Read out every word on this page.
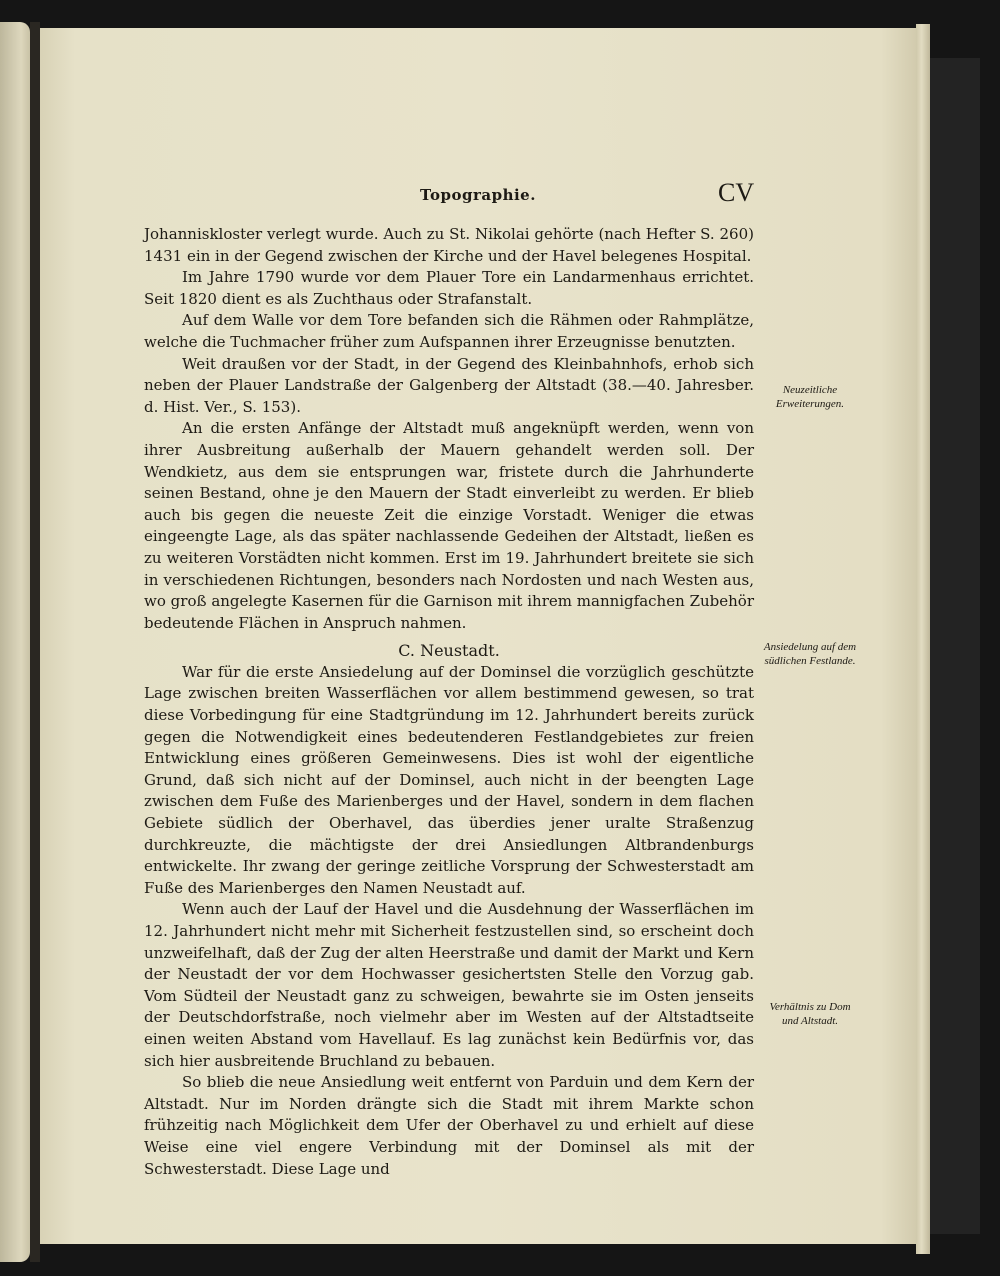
Topographie.	CV

Johanniskloster verlegt wurde. Auch zu St. Nikolai gehörte (nach Hefter S. 260) 1431 ein in der Gegend zwischen der Kirche und der Havel belegenes Hospital.

Im Jahre 1790 wurde vor dem Plauer Tore ein Landarmenhaus errichtet. Seit 1820 dient es als Zuchthaus oder Strafanstalt.

Auf dem Walle vor dem Tore befanden sich die Rähmen oder Rahmplätze, welche die Tuchmacher früher zum Aufspannen ihrer Erzeugnisse benutzten.

Weit draußen vor der Stadt, in der Gegend des Kleinbahnhofs, erhob sich neben der Plauer Landstraße der Galgenberg der Altstadt (38.—40. Jahresber. d. Hist. Ver., S. 153).

An die ersten Anfänge der Altstadt muß angeknüpft werden, wenn von ihrer Ausbreitung außerhalb der Mauern gehandelt werden soll. Der Wendkietz, aus dem sie entsprungen war, fristete durch die Jahrhunderte seinen Bestand, ohne je den Mauern der Stadt einverleibt zu werden. Er blieb auch bis gegen die neueste Zeit die einzige Vorstadt. Weniger die etwas eingeengte Lage, als das später nachlassende Gedeihen der Altstadt, ließen es zu weiteren Vorstädten nicht kommen. Erst im 19. Jahrhundert breitete sie sich in verschiedenen Richtungen, besonders nach Nordosten und nach Westen aus, wo groß angelegte Kasernen für die Garnison mit ihrem mannigfachen Zubehör bedeutende Flächen in Anspruch nahmen.

C. Neustadt.

War für die erste Ansiedelung auf der Dominsel die vorzüglich geschützte Lage zwischen breiten Wasserflächen vor allem bestimmend gewesen, so trat diese Vorbedingung für eine Stadtgründung im 12. Jahrhundert bereits zurück gegen die Notwendigkeit eines bedeutenderen Festlandgebietes zur freien Entwicklung eines größeren Gemeinwesens. Dies ist wohl der eigentliche Grund, daß sich nicht auf der Dominsel, auch nicht in der beengten Lage zwischen dem Fuße des Marienberges und der Havel, sondern in dem flachen Gebiete südlich der Oberhavel, das überdies jener uralte Straßenzug durchkreuzte, die mächtigste der drei Ansiedlungen Altbrandenburgs entwickelte. Ihr zwang der geringe zeitliche Vorsprung der Schwesterstadt am Fuße des Marienberges den Namen Neustadt auf.

Wenn auch der Lauf der Havel und die Ausdehnung der Wasserflächen im 12. Jahrhundert nicht mehr mit Sicherheit festzustellen sind, so erscheint doch unzweifelhaft, daß der Zug der alten Heerstraße und damit der Markt und Kern der Neustadt der vor dem Hochwasser gesichertsten Stelle den Vorzug gab. Vom Südteil der Neustadt ganz zu schweigen, bewahrte sie im Osten jenseits der Deutschdorfstraße, noch vielmehr aber im Westen auf der Altstadtseite einen weiten Abstand vom Havellauf. Es lag zunächst kein Bedürfnis vor, das sich hier ausbreitende Bruchland zu bebauen.

So blieb die neue Ansiedlung weit entfernt von Parduin und dem Kern der Altstadt. Nur im Norden drängte sich die Stadt mit ihrem Markte schon frühzeitig nach Möglichkeit dem Ufer der Oberhavel zu und erhielt auf diese Weise eine viel engere Verbindung mit der Dominsel als mit der Schwesterstadt. Diese Lage und

Neuzeitliche Erweiterungen.
Ansiedelung auf dem südlichen Festlande.
Verhältnis zu Dom und Altstadt.
